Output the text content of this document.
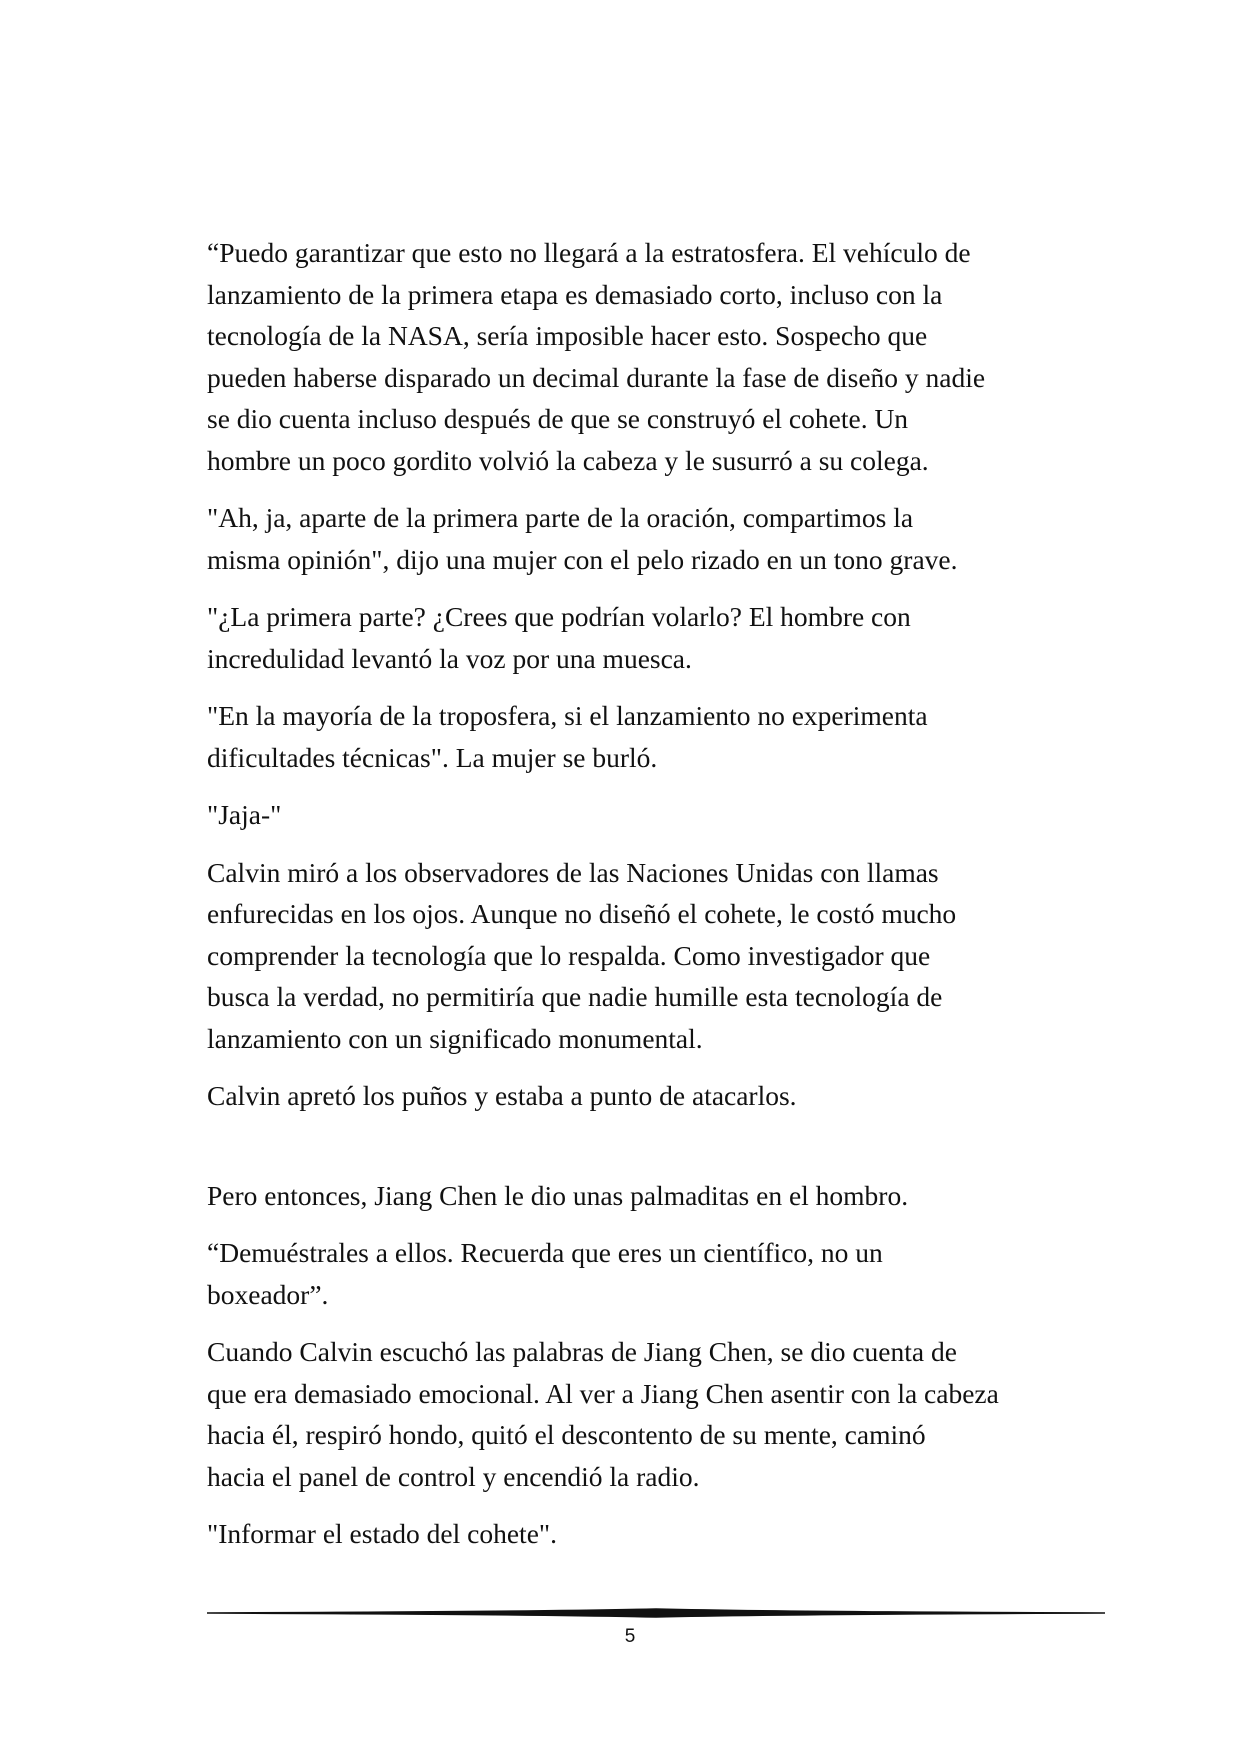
“Puedo garantizar que esto no llegará a la estratosfera. El vehículo de
lanzamiento de la primera etapa es demasiado corto, incluso con la
tecnología de la NASA, sería imposible hacer esto. Sospecho que
pueden haberse disparado un decimal durante la fase de diseño y nadie
se dio cuenta incluso después de que se construyó el cohete. Un
hombre un poco gordito volvió la cabeza y le susurró a su colega.

"Ah, ja, aparte de la primera parte de la oración, compartimos la
misma opinión", dijo una mujer con el pelo rizado en un tono grave.

"¿La primera parte? ¿Crees que podrían volarlo? El hombre con
incredulidad levantó la voz por una muesca.

"En la mayoría de la troposfera, si el lanzamiento no experimenta
dificultades técnicas". La mujer se burló.

"Jaja-"

Calvin miró a los observadores de las Naciones Unidas con llamas
enfurecidas en los ojos. Aunque no diseñó el cohete, le costó mucho
comprender la tecnología que lo respalda. Como investigador que
busca la verdad, no permitiría que nadie humille esta tecnología de
lanzamiento con un significado monumental.

Calvin apretó los puños y estaba a punto de atacarlos.

Pero entonces, Jiang Chen le dio unas palmaditas en el hombro.

“Demuéstrales a ellos. Recuerda que eres un científico, no un
boxeador”.

Cuando Calvin escuchó las palabras de Jiang Chen, se dio cuenta de
que era demasiado emocional. Al ver a Jiang Chen asentir con la cabeza
hacia él, respiró hondo, quitó el descontento de su mente, caminó
hacia el panel de control y encendió la radio.

"Informar el estado del cohete".

5
